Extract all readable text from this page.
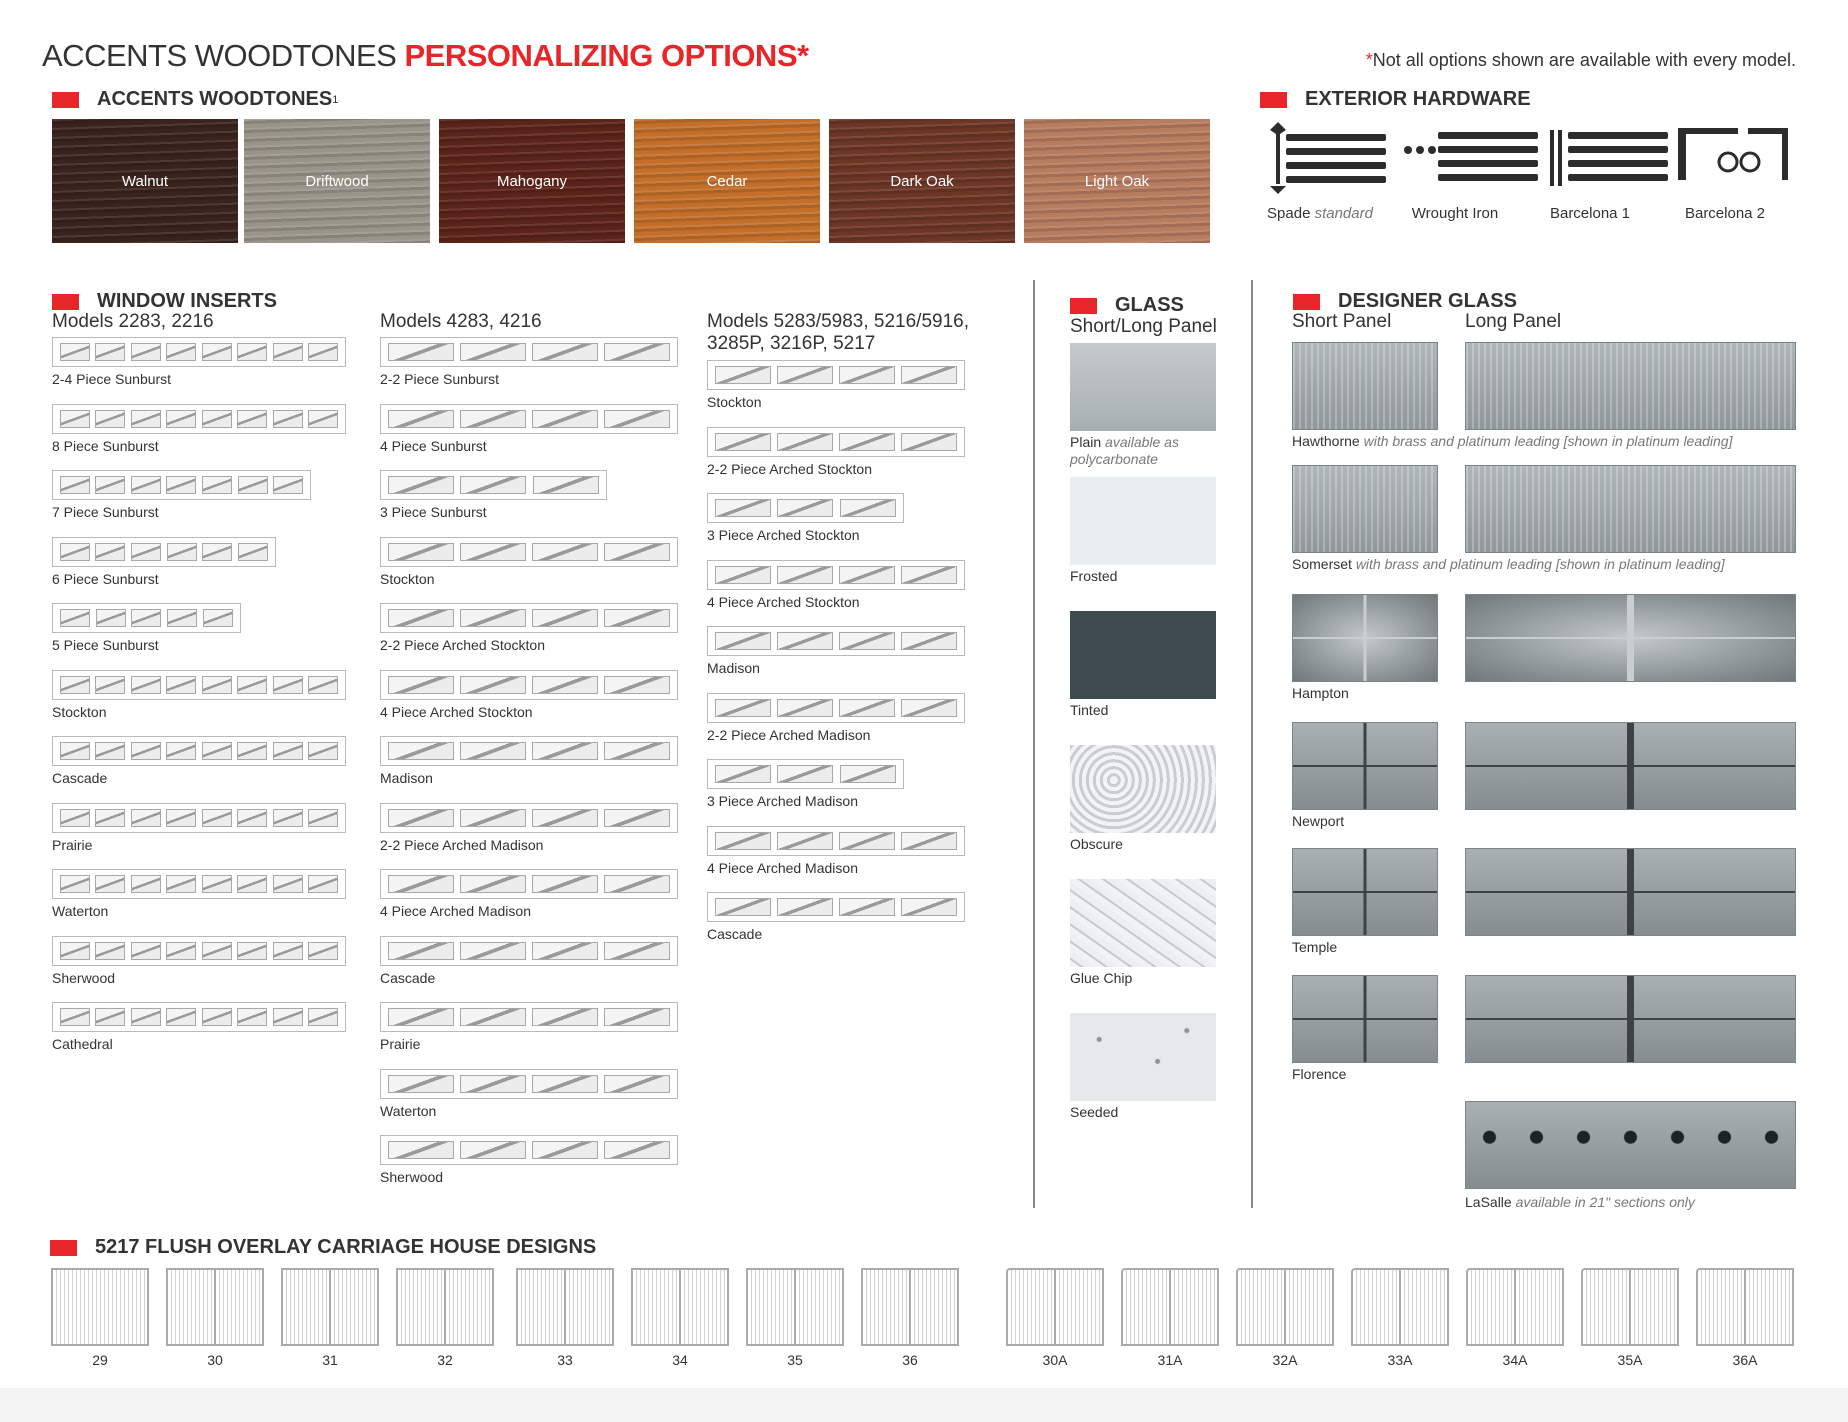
ACCENTS WOODTONES PERSONALIZING OPTIONS*	*Not all options shown are available with every model.
ACCENTS WOODTONES 1
Walnut	Driftwood	Mahogany	Cedar	Dark Oak	Light Oak
EXTERIOR HARDWARE
Spade standard	Wrought Iron	Barcelona 1	Barcelona 2
WINDOW INSERTS
Models 2283, 2216	Models 4283, 4216	Models 5283/5983, 5216/5916,
3285P, 3216P, 5217
2-4 Piece Sunburst
8 Piece Sunburst
7 Piece Sunburst
6 Piece Sunburst
5 Piece Sunburst
Stockton
Cascade
Prairie
Waterton
Sherwood
Cathedral
2-2 Piece Sunburst
4 Piece Sunburst
3 Piece Sunburst
Stockton
2-2 Piece Arched Stockton
4 Piece Arched Stockton
Madison
2-2 Piece Arched Madison
4 Piece Arched Madison
Cascade
Prairie
Waterton
Sherwood
Stockton
2-2 Piece Arched Stockton
3 Piece Arched Stockton
4 Piece Arched Stockton
Madison
2-2 Piece Arched Madison
3 Piece Arched Madison
4 Piece Arched Madison
Cascade
GLASS
Short/Long Panel
Plain available as
polycarbonate
Frosted
Tinted
Obscure
Glue Chip
Seeded
DESIGNER GLASS
Short Panel	Long Panel
Hawthorne with brass and platinum leading [shown in platinum leading]
Somerset with brass and platinum leading [shown in platinum leading]
Hampton
Newport
Temple
Florence
LaSalle available in 21" sections only
5217 FLUSH OVERLAY CARRIAGE HOUSE DESIGNS
29	30	31	32	33	34	35	36	30A	31A	32A	33A	34A	35A	36A
